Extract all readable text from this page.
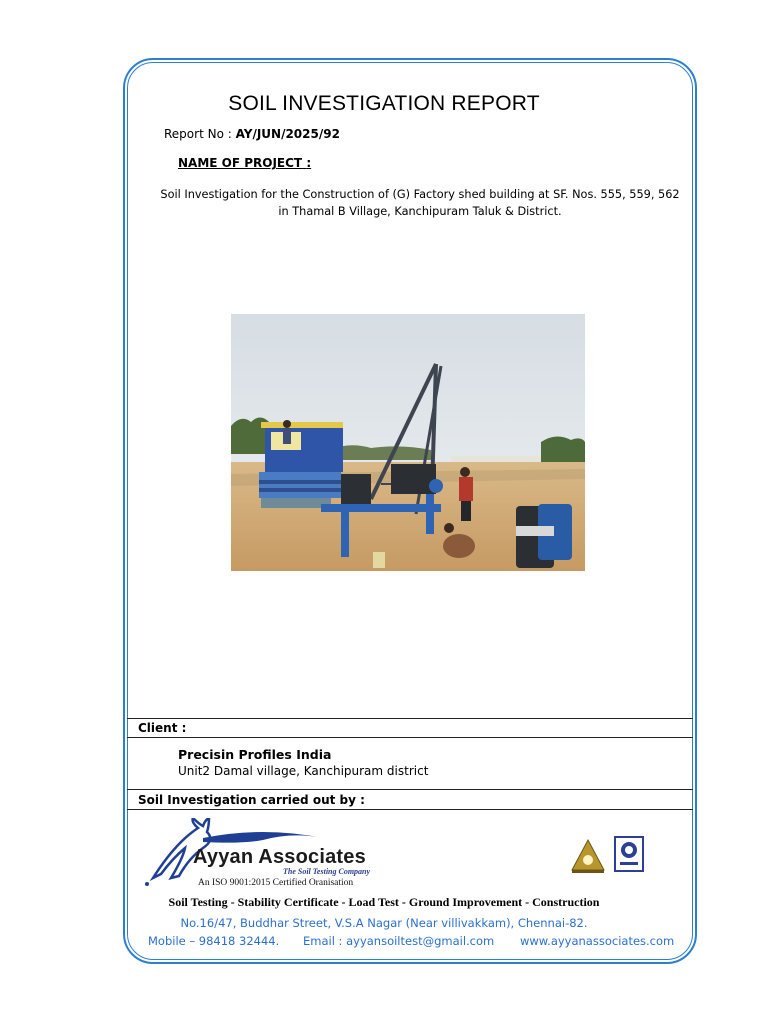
SOIL INVESTIGATION REPORT
Report No : AY/JUN/2025/92
NAME OF PROJECT :
Soil Investigation for the Construction of (G) Factory shed building at SF. Nos. 555, 559, 562
in Thamal B Village, Kanchipuram Taluk & District.
Client :
Precisin Profiles India
Unit2 Damal village, Kanchipuram district
Soil Investigation carried out by :
Ayyan Associates
The Soil Testing Company
An ISO 9001:2015 Certified Oranisation
Soil Testing - Stability Certificate - Load Test - Ground Improvement - Construction
No.16/47, Buddhar Street, V.S.A Nagar (Near villivakkam), Chennai-82.
Mobile – 98418 32444. Email : ayyansoiltest@gmail.com www.ayyanassociates.com
